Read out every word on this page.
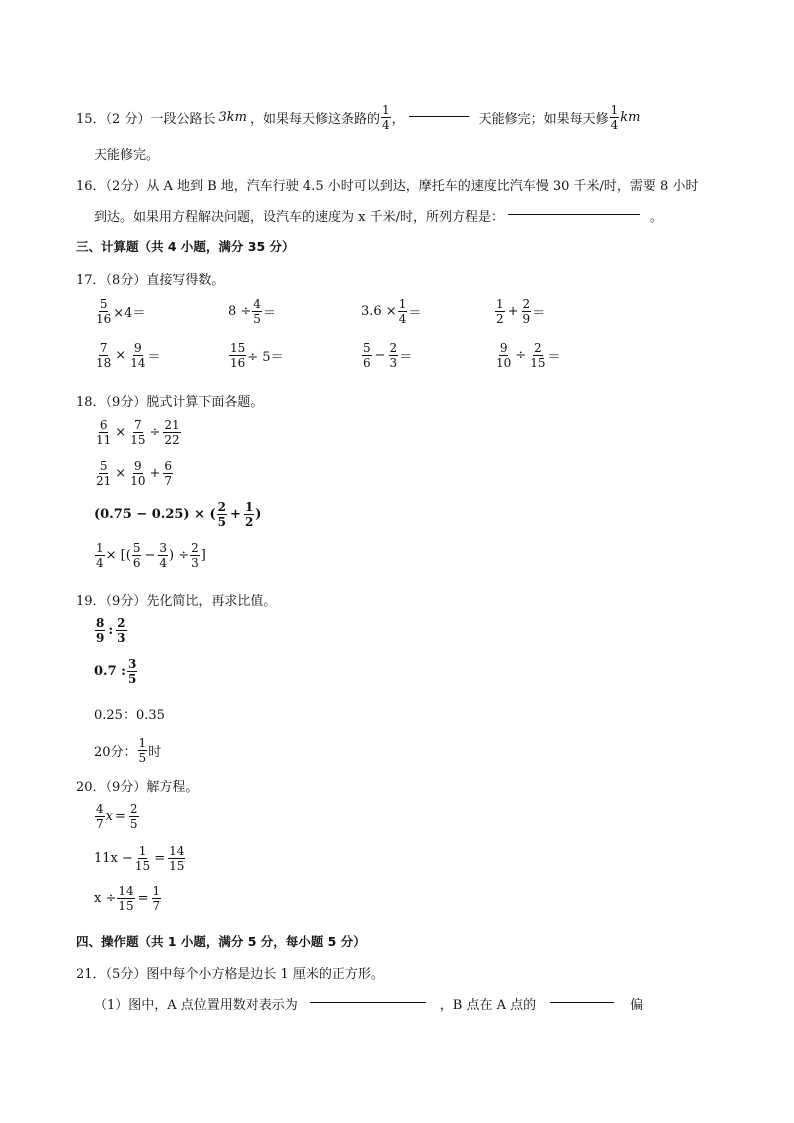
15．（2 分）一段公路长 3km ，如果每天修这条路的 $\frac{1}{4}$ ，	天能修完；如果每天修 $\frac{1}{4}$ km
天能修完。
16．（2分）从 A 地到 B 地，汽车行驶 4.5 小时可以到达，摩托车的速度比汽车慢 30 千米/时，需要 8 小时
到达。如果用方程解决问题，设汽车的速度为 x 千米/时，所列方程是：	。
三、计算题（共 4 小题，满分 35 分）
17．（8分）直接写得数。
$\frac{5}{16} \times 4=$	$8 \div \frac{4}{5}$ ＝	$3.6 \times \frac{1}{4}$ ＝	$\frac{1}{2} + \frac{2}{9}$ ＝
$\frac{7}{18} \times \frac{9}{14}$ ＝	$\frac{15}{16} \div 5=$	$\frac{5}{6} - \frac{2}{3}$ ＝	$\frac{9}{10} \div \frac{2}{15}$ ＝
18．（9分）脱式计算下面各题。
$\frac{6}{11} \times \frac{7}{15} \div \frac{21}{22}$
$\frac{5}{21} \times \frac{9}{10} + \frac{6}{7}$
(0.75 − 0.25) × ( $\frac{2}{5} + \frac{1}{2}$ )
$\frac{1}{4}$ × [( $\frac{5}{6} - \frac{3}{4}$ ) ÷ $\frac{2}{3}$ ]
19．（9分）先化简比，再求比值。
$\frac{8}{9}$ : $\frac{2}{3}$
0.7 : $\frac{3}{5}$
0.25：0.35
20分： $\frac{1}{5}$ 时
20．（9分）解方程。
$\frac{4}{7}$ $x = \frac{2}{5}$
$11x - \frac{1}{15} = \frac{14}{15}$
$x \div \frac{14}{15} = \frac{1}{7}$
四、操作题（共 1 小题，满分 5 分，每小题 5 分）
21．（5分）图中每个小方格是边长 1 厘米的正方形。
（1）图中，A 点位置用数对表示为	，B 点在 A 点的	偏
